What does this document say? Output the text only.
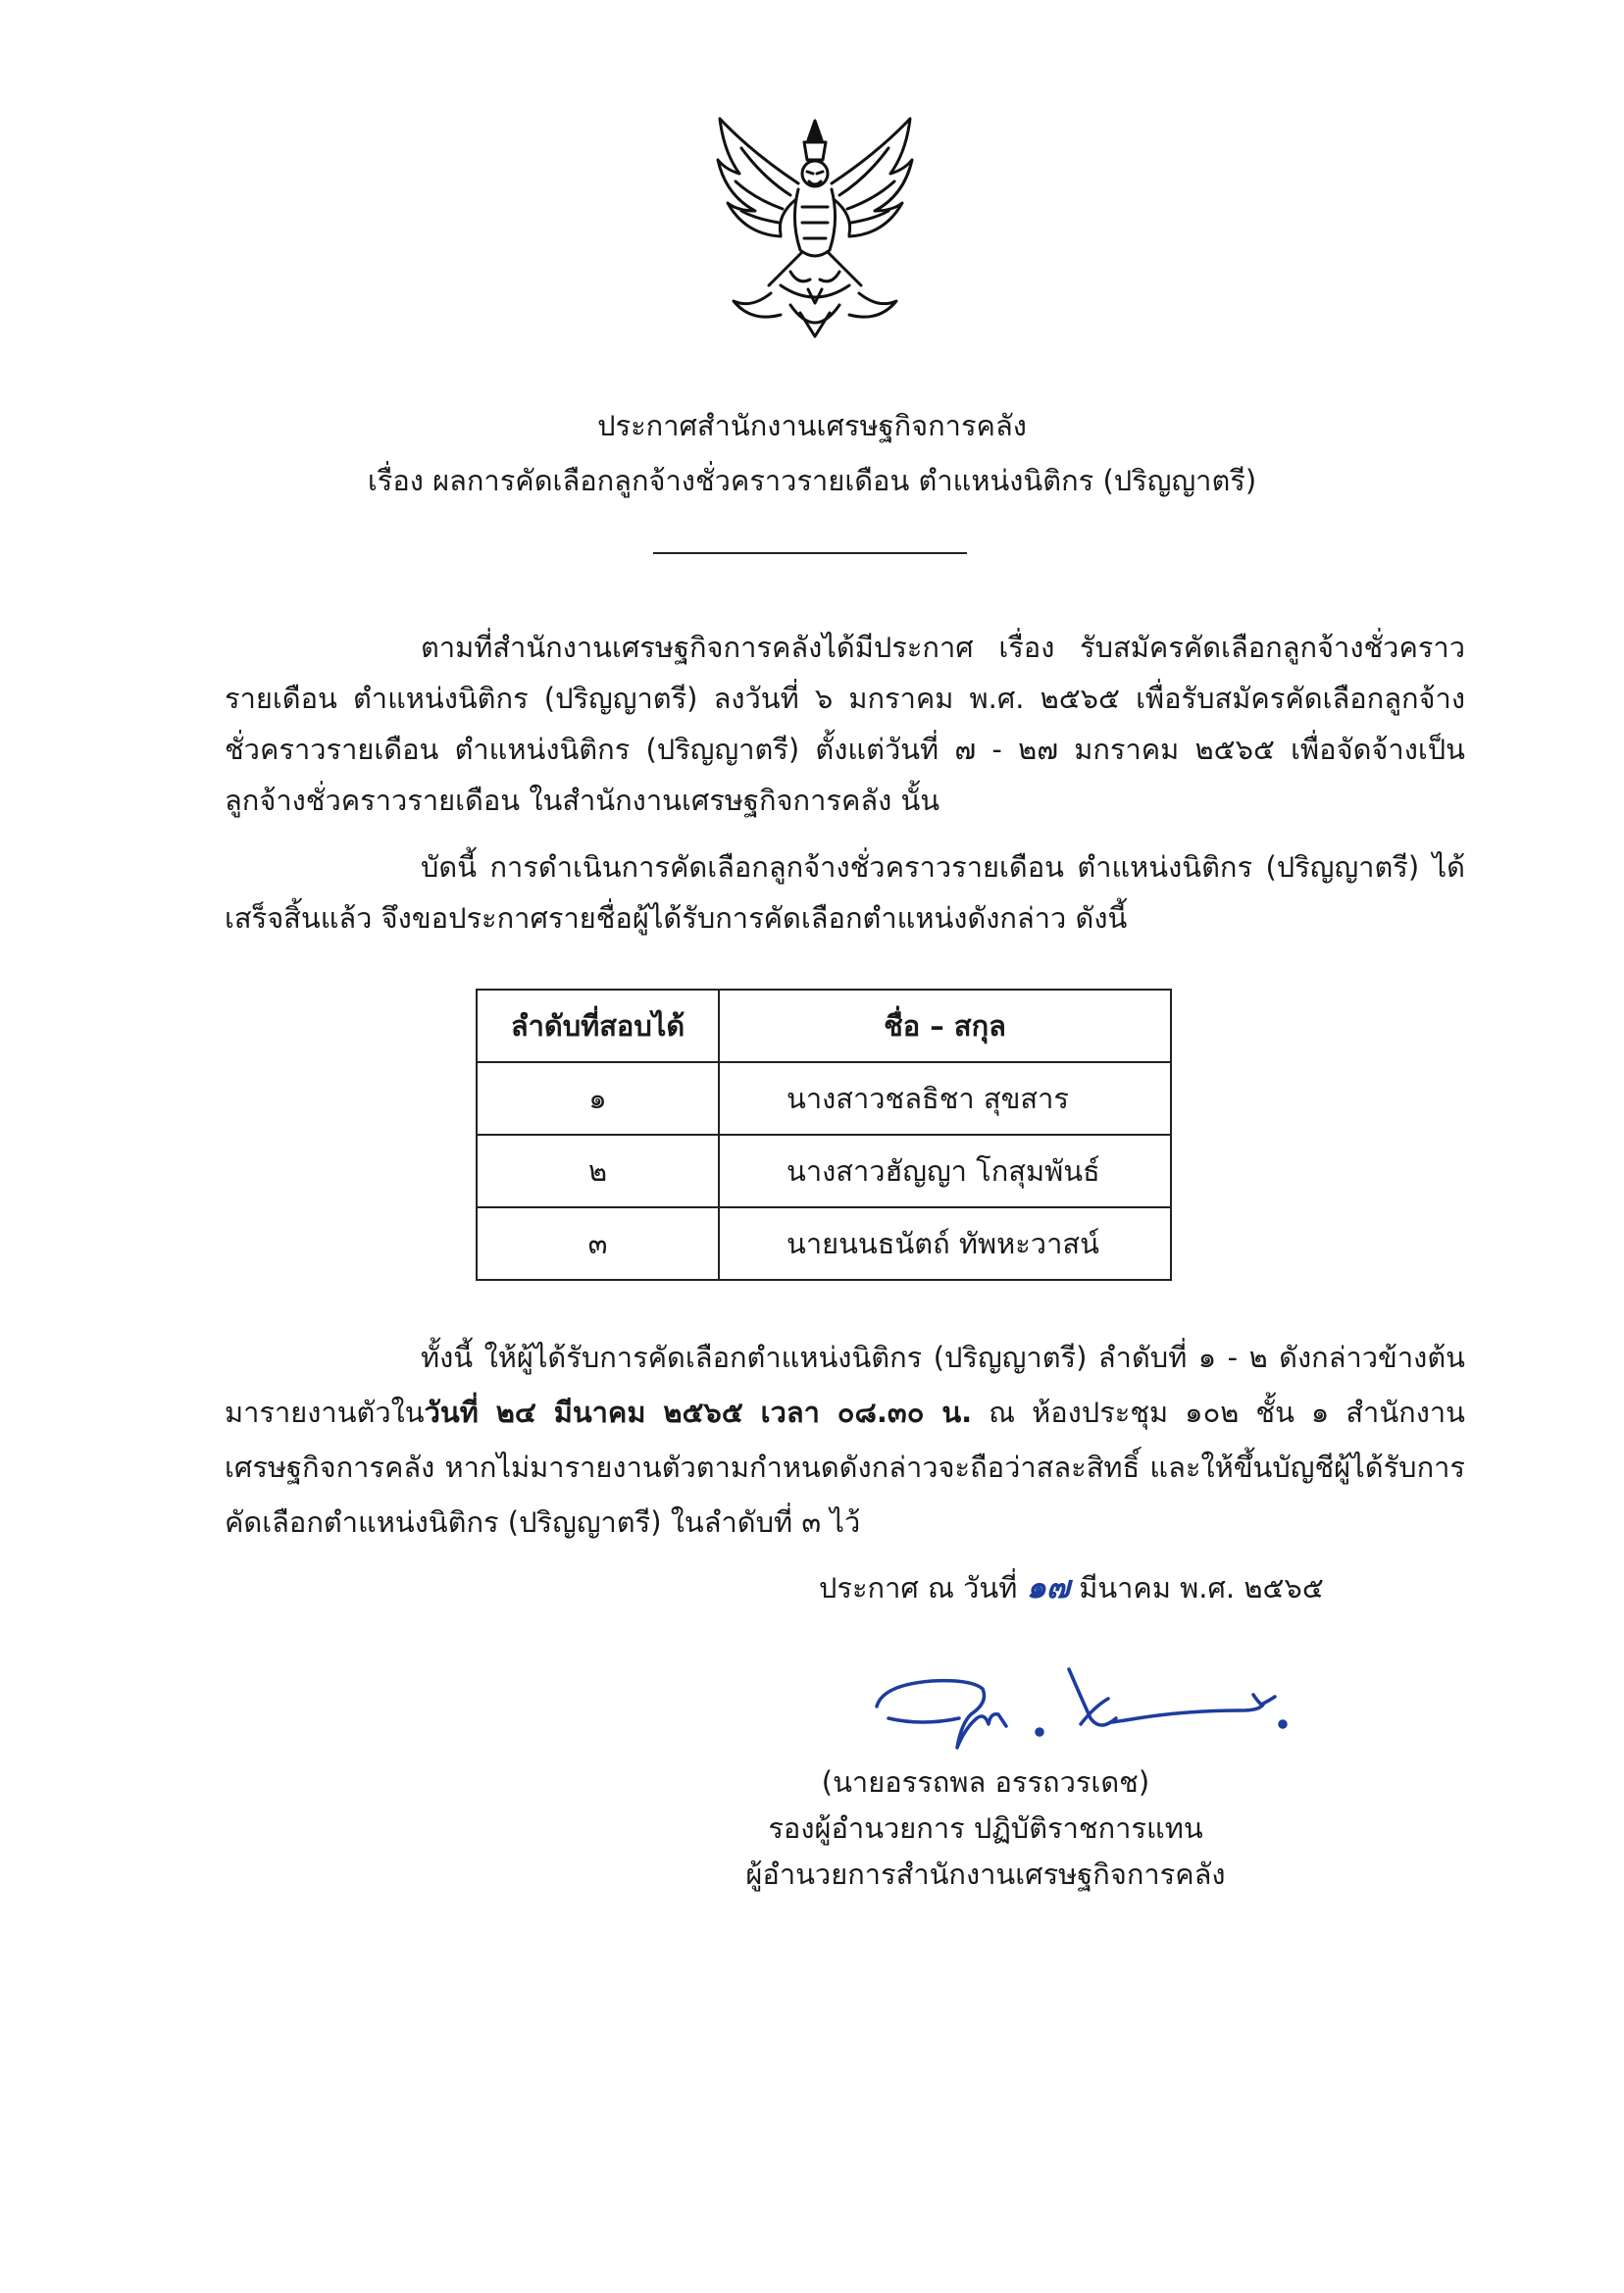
ประกาศสำนักงานเศรษฐกิจการคลัง
เรื่อง ผลการคัดเลือกลูกจ้างชั่วคราวรายเดือน ตำแหน่งนิติกร (ปริญญาตรี)
ตามที่สำนักงานเศรษฐกิจการคลังได้มีประกาศ เรื่อง รับสมัครคัดเลือกลูกจ้างชั่วคราวรายเดือน ตำแหน่งนิติกร (ปริญญาตรี) ลงวันที่ ๖ มกราคม พ.ศ. ๒๕๖๕ เพื่อรับสมัครคัดเลือกลูกจ้างชั่วคราวรายเดือน ตำแหน่งนิติกร (ปริญญาตรี) ตั้งแต่วันที่ ๗ - ๒๗ มกราคม ๒๕๖๕ เพื่อจัดจ้างเป็นลูกจ้างชั่วคราวรายเดือน ในสำนักงานเศรษฐกิจการคลัง นั้น
บัดนี้ การดำเนินการคัดเลือกลูกจ้างชั่วคราวรายเดือน ตำแหน่งนิติกร (ปริญญาตรี) ได้เสร็จสิ้นแล้ว จึงขอประกาศรายชื่อผู้ได้รับการคัดเลือกตำแหน่งดังกล่าว ดังนี้
ลำดับที่สอบได้	ชื่อ – สกุล
๑	นางสาวชลธิชา สุขสาร
๒	นางสาวฮัญญา โกสุมพันธ์
๓	นายนนธนัตถ์ ทัพหะวาสน์
ทั้งนี้ ให้ผู้ได้รับการคัดเลือกตำแหน่งนิติกร (ปริญญาตรี) ลำดับที่ ๑ - ๒ ดังกล่าวข้างต้น มารายงานตัวในวันที่ ๒๔ มีนาคม ๒๕๖๕ เวลา ๐๘.๓๐ น. ณ ห้องประชุม ๑๐๒ ชั้น ๑ สำนักงานเศรษฐกิจการคลัง หากไม่มารายงานตัวตามกำหนดดังกล่าวจะถือว่าสละสิทธิ์ และให้ขึ้นบัญชีผู้ได้รับการคัดเลือกตำแหน่งนิติกร (ปริญญาตรี) ในลำดับที่ ๓ ไว้
ประกาศ ณ วันที่ ๑๗ มีนาคม พ.ศ. ๒๕๖๕
(นายอรรถพล อรรถวรเดช)
รองผู้อำนวยการ ปฏิบัติราชการแทน
ผู้อำนวยการสำนักงานเศรษฐกิจการคลัง
